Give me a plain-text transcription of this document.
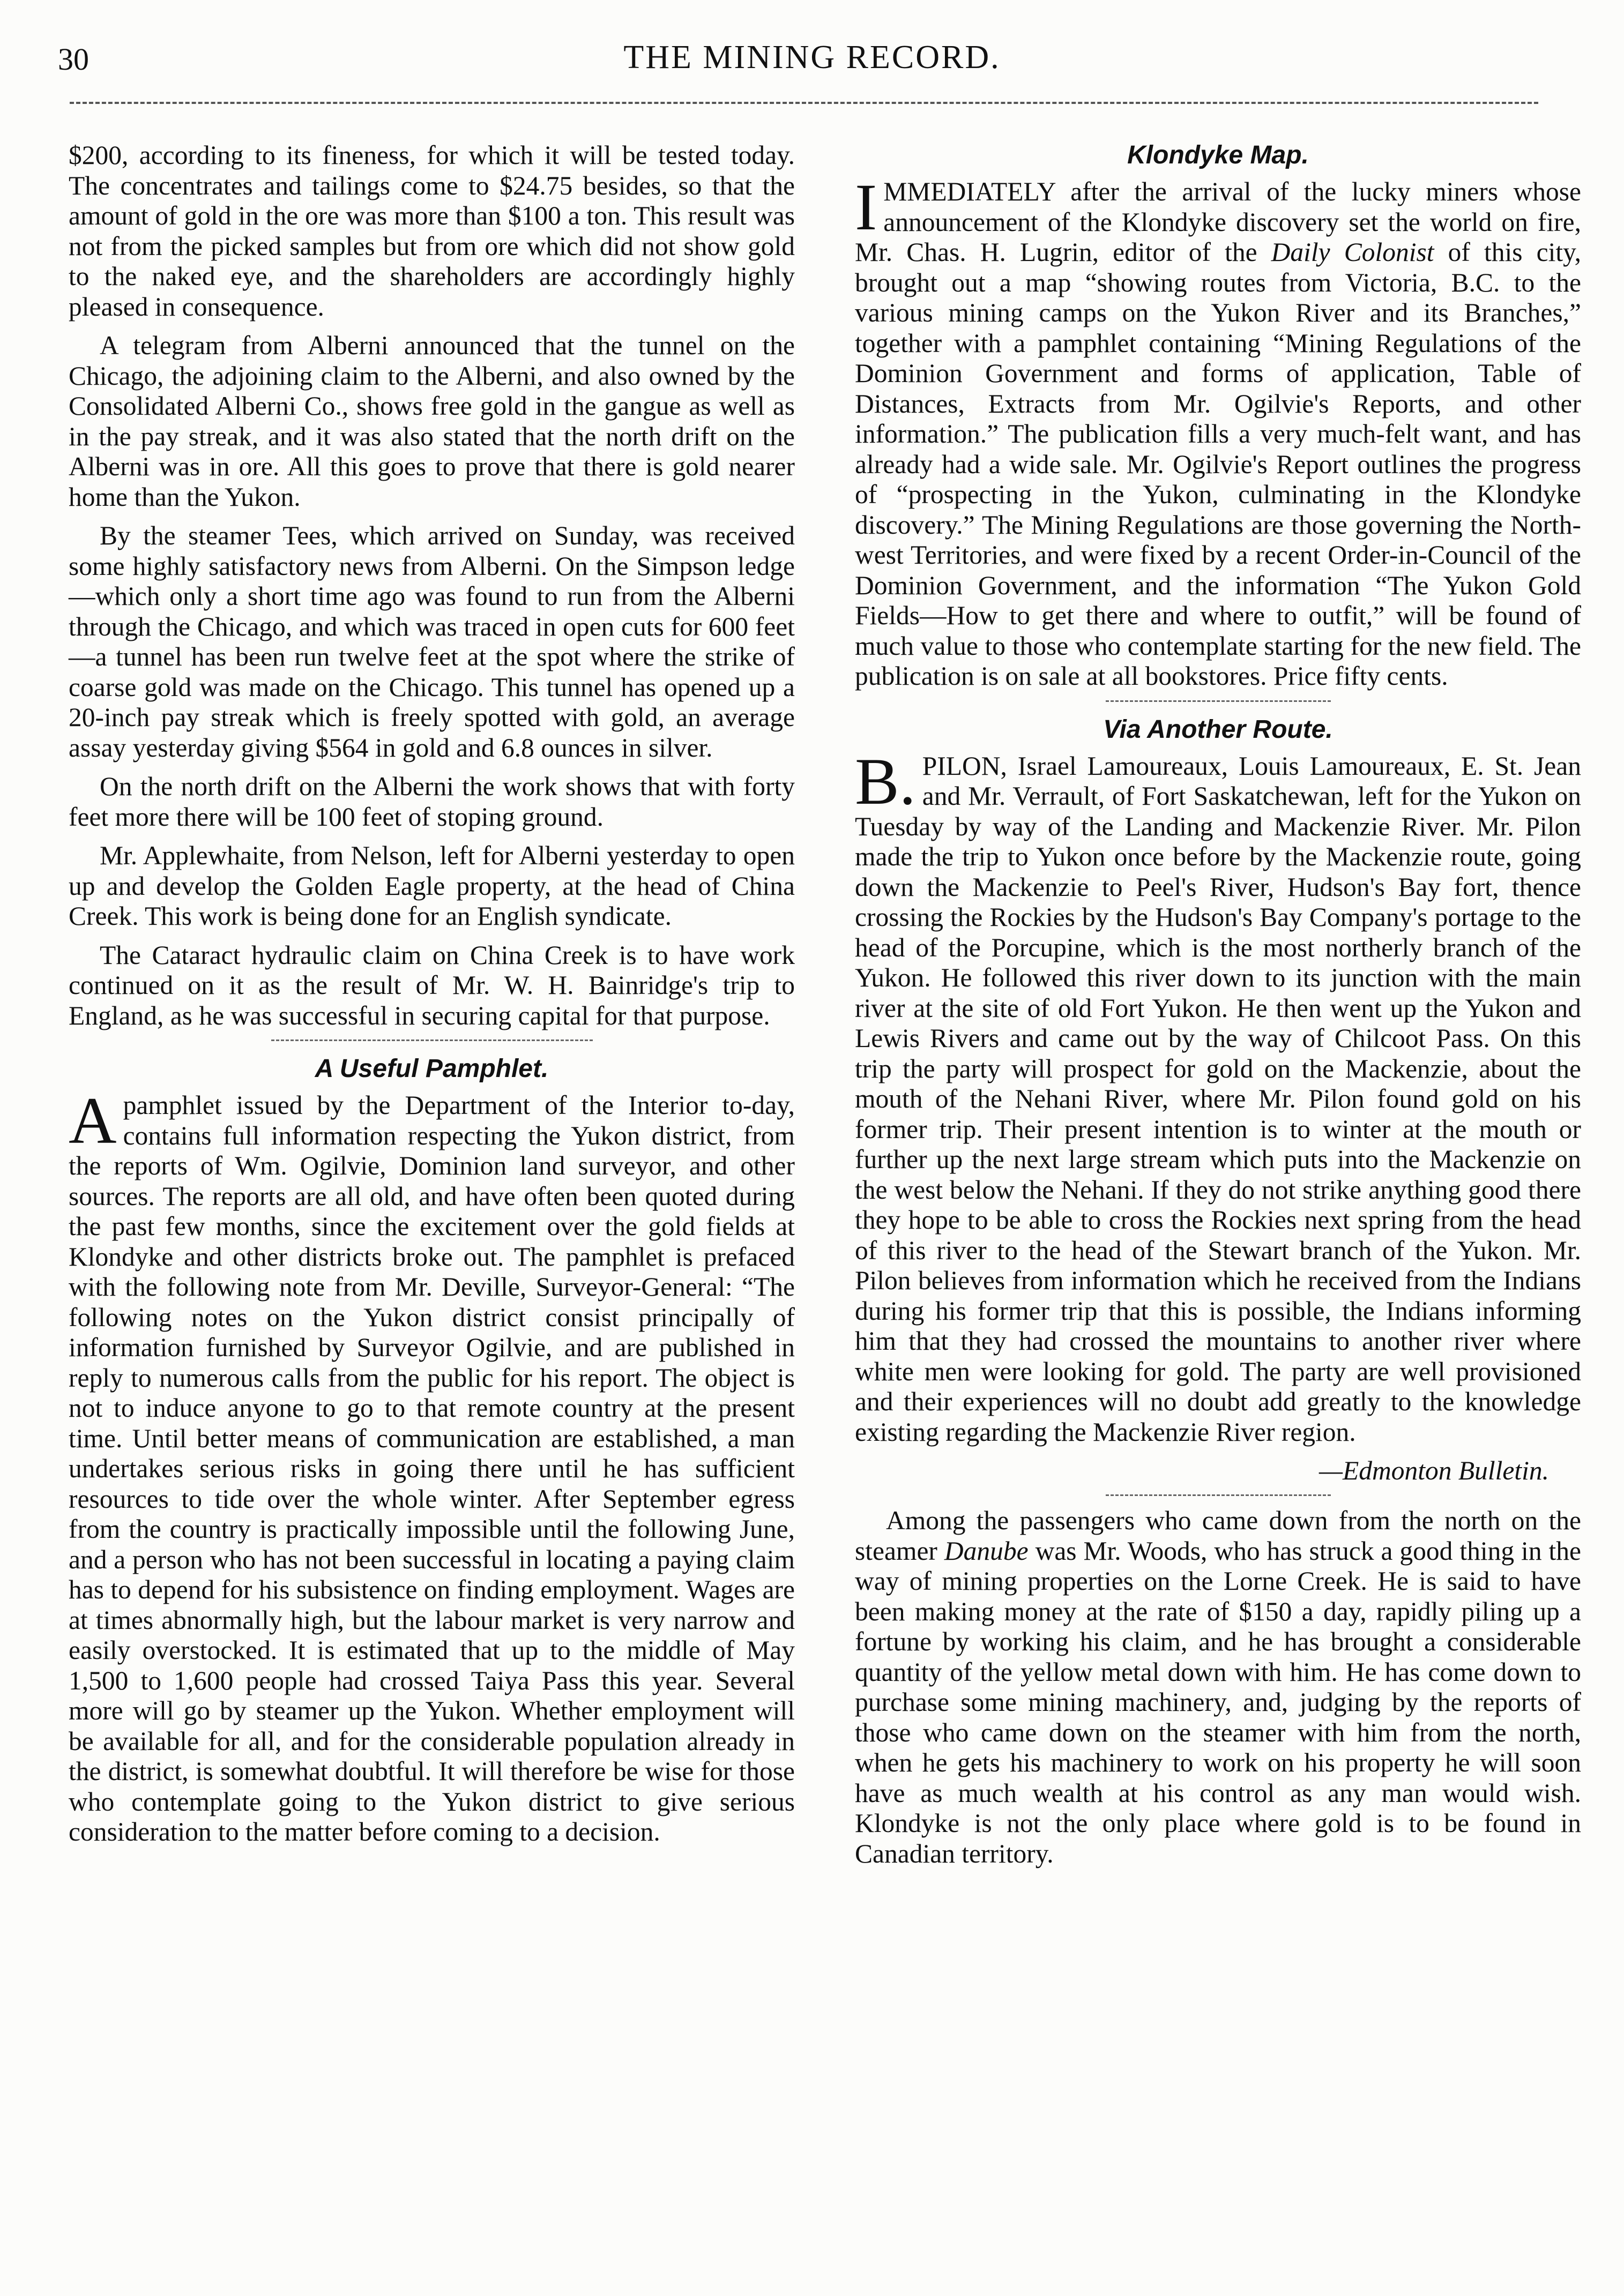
30	THE MINING RECORD.

$200, according to its fineness, for which it will be tested today. The concentrates and tailings come to $24.75 besides, so that the amount of gold in the ore was more than $100 a ton. This result was not from the picked samples but from ore which did not show gold to the naked eye, and the shareholders are accordingly highly pleased in consequence.

A telegram from Alberni announced that the tunnel on the Chicago, the adjoining claim to the Alberni, and also owned by the Consolidated Alberni Co., shows free gold in the gangue as well as in the pay streak, and it was also stated that the north drift on the Alberni was in ore. All this goes to prove that there is gold nearer home than the Yukon.

By the steamer Tees, which arrived on Sunday, was received some highly satisfactory news from Alberni. On the Simpson ledge—which only a short time ago was found to run from the Alberni through the Chicago, and which was traced in open cuts for 600 feet—a tunnel has been run twelve feet at the spot where the strike of coarse gold was made on the Chicago. This tunnel has opened up a 20-inch pay streak which is freely spotted with gold, an average assay yesterday giving $564 in gold and 6.8 ounces in silver.

On the north drift on the Alberni the work shows that with forty feet more there will be 100 feet of stoping ground.

Mr. Applewhaite, from Nelson, left for Alberni yesterday to open up and develop the Golden Eagle property, at the head of China Creek. This work is being done for an English syndicate.

The Cataract hydraulic claim on China Creek is to have work continued on it as the result of Mr. W. H. Bainridge's trip to England, as he was successful in securing capital for that purpose.

A Useful Pamphlet.

Apamphlet issued by the Department of the Interior to-day, contains full information respecting the Yukon district, from the reports of Wm. Ogilvie, Dominion land surveyor, and other sources. The reports are all old, and have often been quoted during the past few months, since the excitement over the gold fields at Klondyke and other districts broke out. The pamphlet is prefaced with the following note from Mr. Deville, Surveyor-General: “The following notes on the Yukon district consist principally of information furnished by Surveyor Ogilvie, and are published in reply to numerous calls from the public for his report. The object is not to induce anyone to go to that remote country at the present time. Until better means of communication are established, a man undertakes serious risks in going there until he has sufficient resources to tide over the whole winter. After September egress from the country is practically impossible until the following June, and a person who has not been successful in locating a paying claim has to depend for his subsistence on finding employment. Wages are at times abnormally high, but the labour market is very narrow and easily overstocked. It is estimated that up to the middle of May 1,500 to 1,600 people had crossed Taiya Pass this year. Several more will go by steamer up the Yukon. Whether employment will be available for all, and for the considerable population already in the district, is somewhat doubtful. It will therefore be wise for those who contemplate going to the Yukon district to give serious consideration to the matter before coming to a decision.

Klondyke Map.

IMMEDIATELY after the arrival of the lucky miners whose announcement of the Klondyke discovery set the world on fire, Mr. Chas. H. Lugrin, editor of the Daily Colonist of this city, brought out a map “showing routes from Victoria, B.C. to the various mining camps on the Yukon River and its Branches,” together with a pamphlet containing “Mining Regulations of the Dominion Government and forms of application, Table of Distances, Extracts from Mr. Ogilvie's Reports, and other information.” The publication fills a very much-felt want, and has already had a wide sale. Mr. Ogilvie's Report outlines the progress of “prospecting in the Yukon, culminating in the Klondyke discovery.” The Mining Regulations are those governing the North-west Territories, and were fixed by a recent Order-in-Council of the Dominion Government, and the information “The Yukon Gold Fields—How to get there and where to outfit,” will be found of much value to those who contemplate starting for the new field. The publication is on sale at all bookstores. Price fifty cents.

Via Another Route.

B. PILON, Israel Lamoureaux, Louis Lamoureaux, E. St. Jean and Mr. Verrault, of Fort Saskatchewan, left for the Yukon on Tuesday by way of the Landing and Mackenzie River. Mr. Pilon made the trip to Yukon once before by the Mackenzie route, going down the Mackenzie to Peel's River, Hudson's Bay fort, thence crossing the Rockies by the Hudson's Bay Company's portage to the head of the Porcupine, which is the most northerly branch of the Yukon. He followed this river down to its junction with the main river at the site of old Fort Yukon. He then went up the Yukon and Lewis Rivers and came out by the way of Chilcoot Pass. On this trip the party will prospect for gold on the Mackenzie, about the mouth of the Nehani River, where Mr. Pilon found gold on his former trip. Their present intention is to winter at the mouth or further up the next large stream which puts into the Mackenzie on the west below the Nehani. If they do not strike anything good there they hope to be able to cross the Rockies next spring from the head of this river to the head of the Stewart branch of the Yukon. Mr. Pilon believes from information which he received from the Indians during his former trip that this is possible, the Indians informing him that they had crossed the mountains to another river where white men were looking for gold. The party are well provisioned and their experiences will no doubt add greatly to the knowledge existing regarding the Mackenzie River region.

—Edmonton Bulletin.

Among the passengers who came down from the north on the steamer Danube was Mr. Woods, who has struck a good thing in the way of mining properties on the Lorne Creek. He is said to have been making money at the rate of $150 a day, rapidly piling up a fortune by working his claim, and he has brought a considerable quantity of the yellow metal down with him. He has come down to purchase some mining machinery, and, judging by the reports of those who came down on the steamer with him from the north, when he gets his machinery to work on his property he will soon have as much wealth at his control as any man would wish. Klondyke is not the only place where gold is to be found in Canadian territory.
